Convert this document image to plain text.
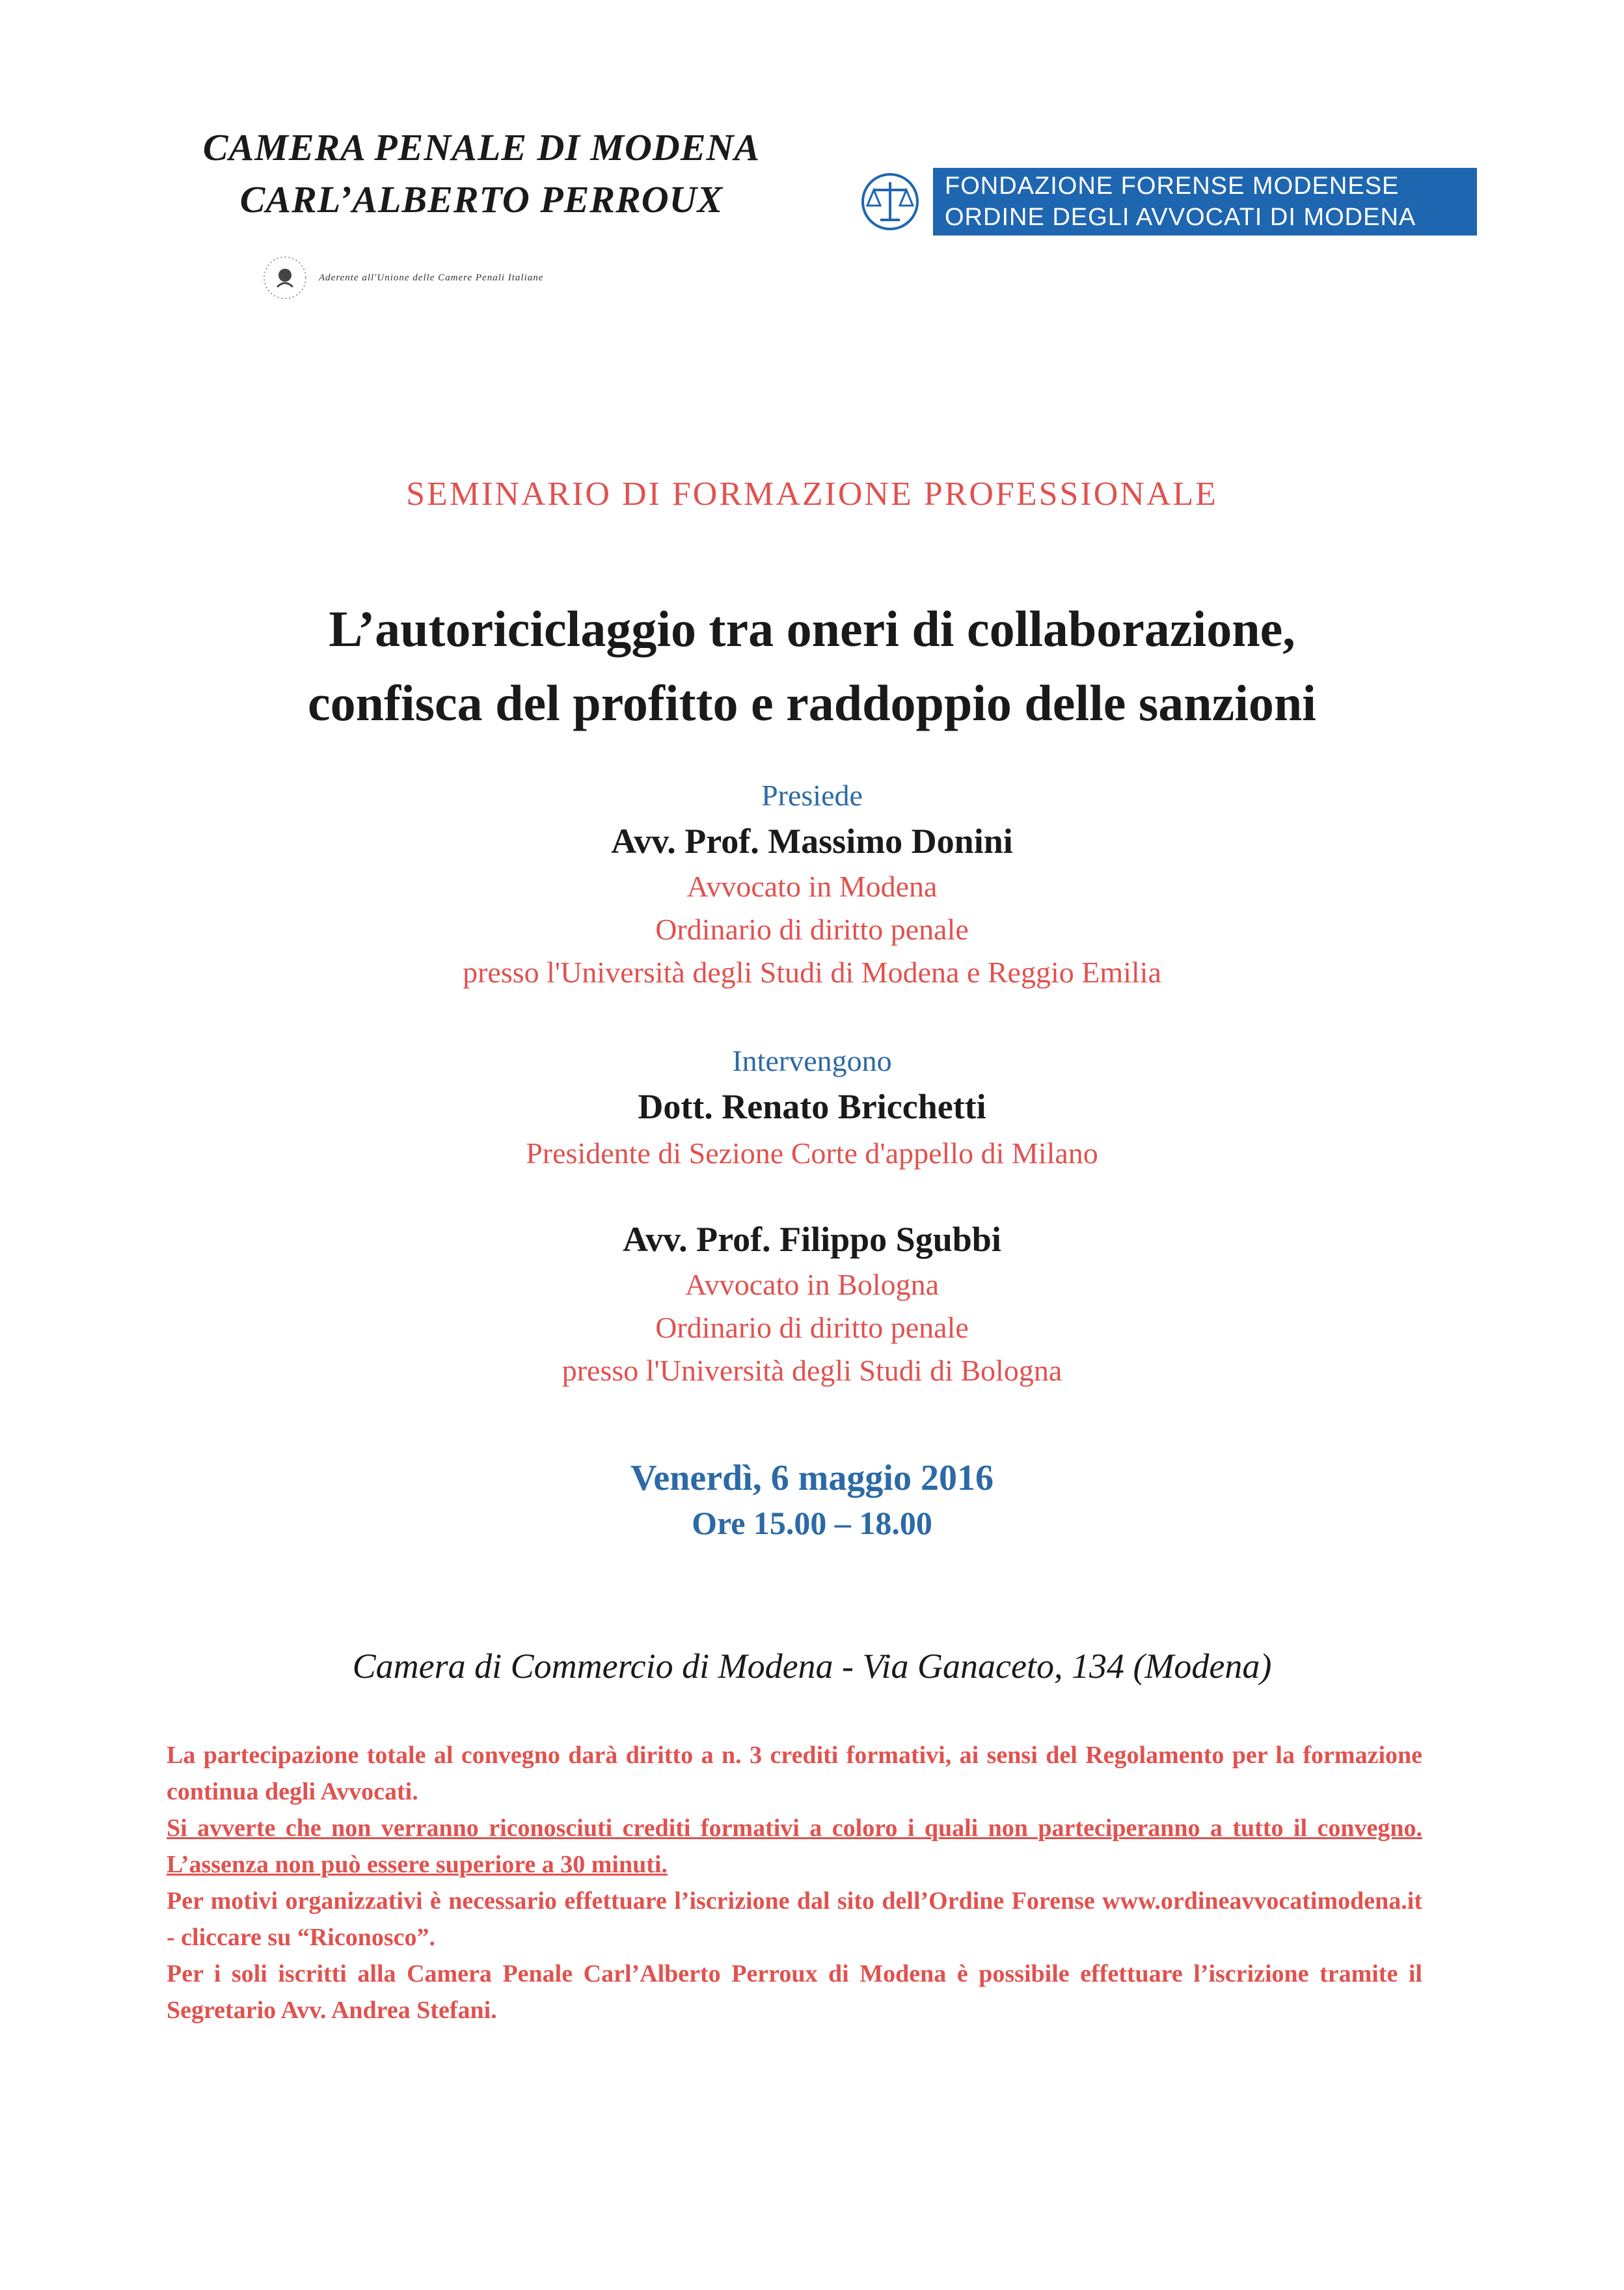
CAMERA PENALE DI MODENA
CARL’ALBERTO PERROUX
Aderente all'Unione delle Camere Penali Italiane
FONDAZIONE FORENSE MODENESE
ORDINE DEGLI AVVOCATI DI MODENA
SEMINARIO DI FORMAZIONE PROFESSIONALE
L’autoriciclaggio tra oneri di collaborazione,
confisca del profitto e raddoppio delle sanzioni
Presiede
Avv. Prof. Massimo Donini
Avvocato in Modena
Ordinario di diritto penale
presso l'Università degli Studi di Modena e Reggio Emilia
Intervengono
Dott. Renato Bricchetti
Presidente di Sezione Corte d'appello di Milano
Avv. Prof. Filippo Sgubbi
Avvocato in Bologna
Ordinario di diritto penale
presso l'Università degli Studi di Bologna
Venerdì, 6 maggio 2016
Ore 15.00 – 18.00
Camera di Commercio di Modena - Via Ganaceto, 134 (Modena)

La partecipazione totale al convegno darà diritto a n. 3 crediti formativi, ai sensi del Regolamento per la formazione continua degli Avvocati.

Si avverte che non verranno riconosciuti crediti formativi a coloro i quali non parteciperanno a tutto il convegno. L’assenza non può essere superiore a 30 minuti.

Per motivi organizzativi è necessario effettuare l’iscrizione dal sito dell’Ordine Forense www.ordineavvocatimodena.it - cliccare su “Riconosco”.

Per i soli iscritti alla Camera Penale Carl’Alberto Perroux di Modena è possibile effettuare l’iscrizione tramite il Segretario Avv. Andrea Stefani.
